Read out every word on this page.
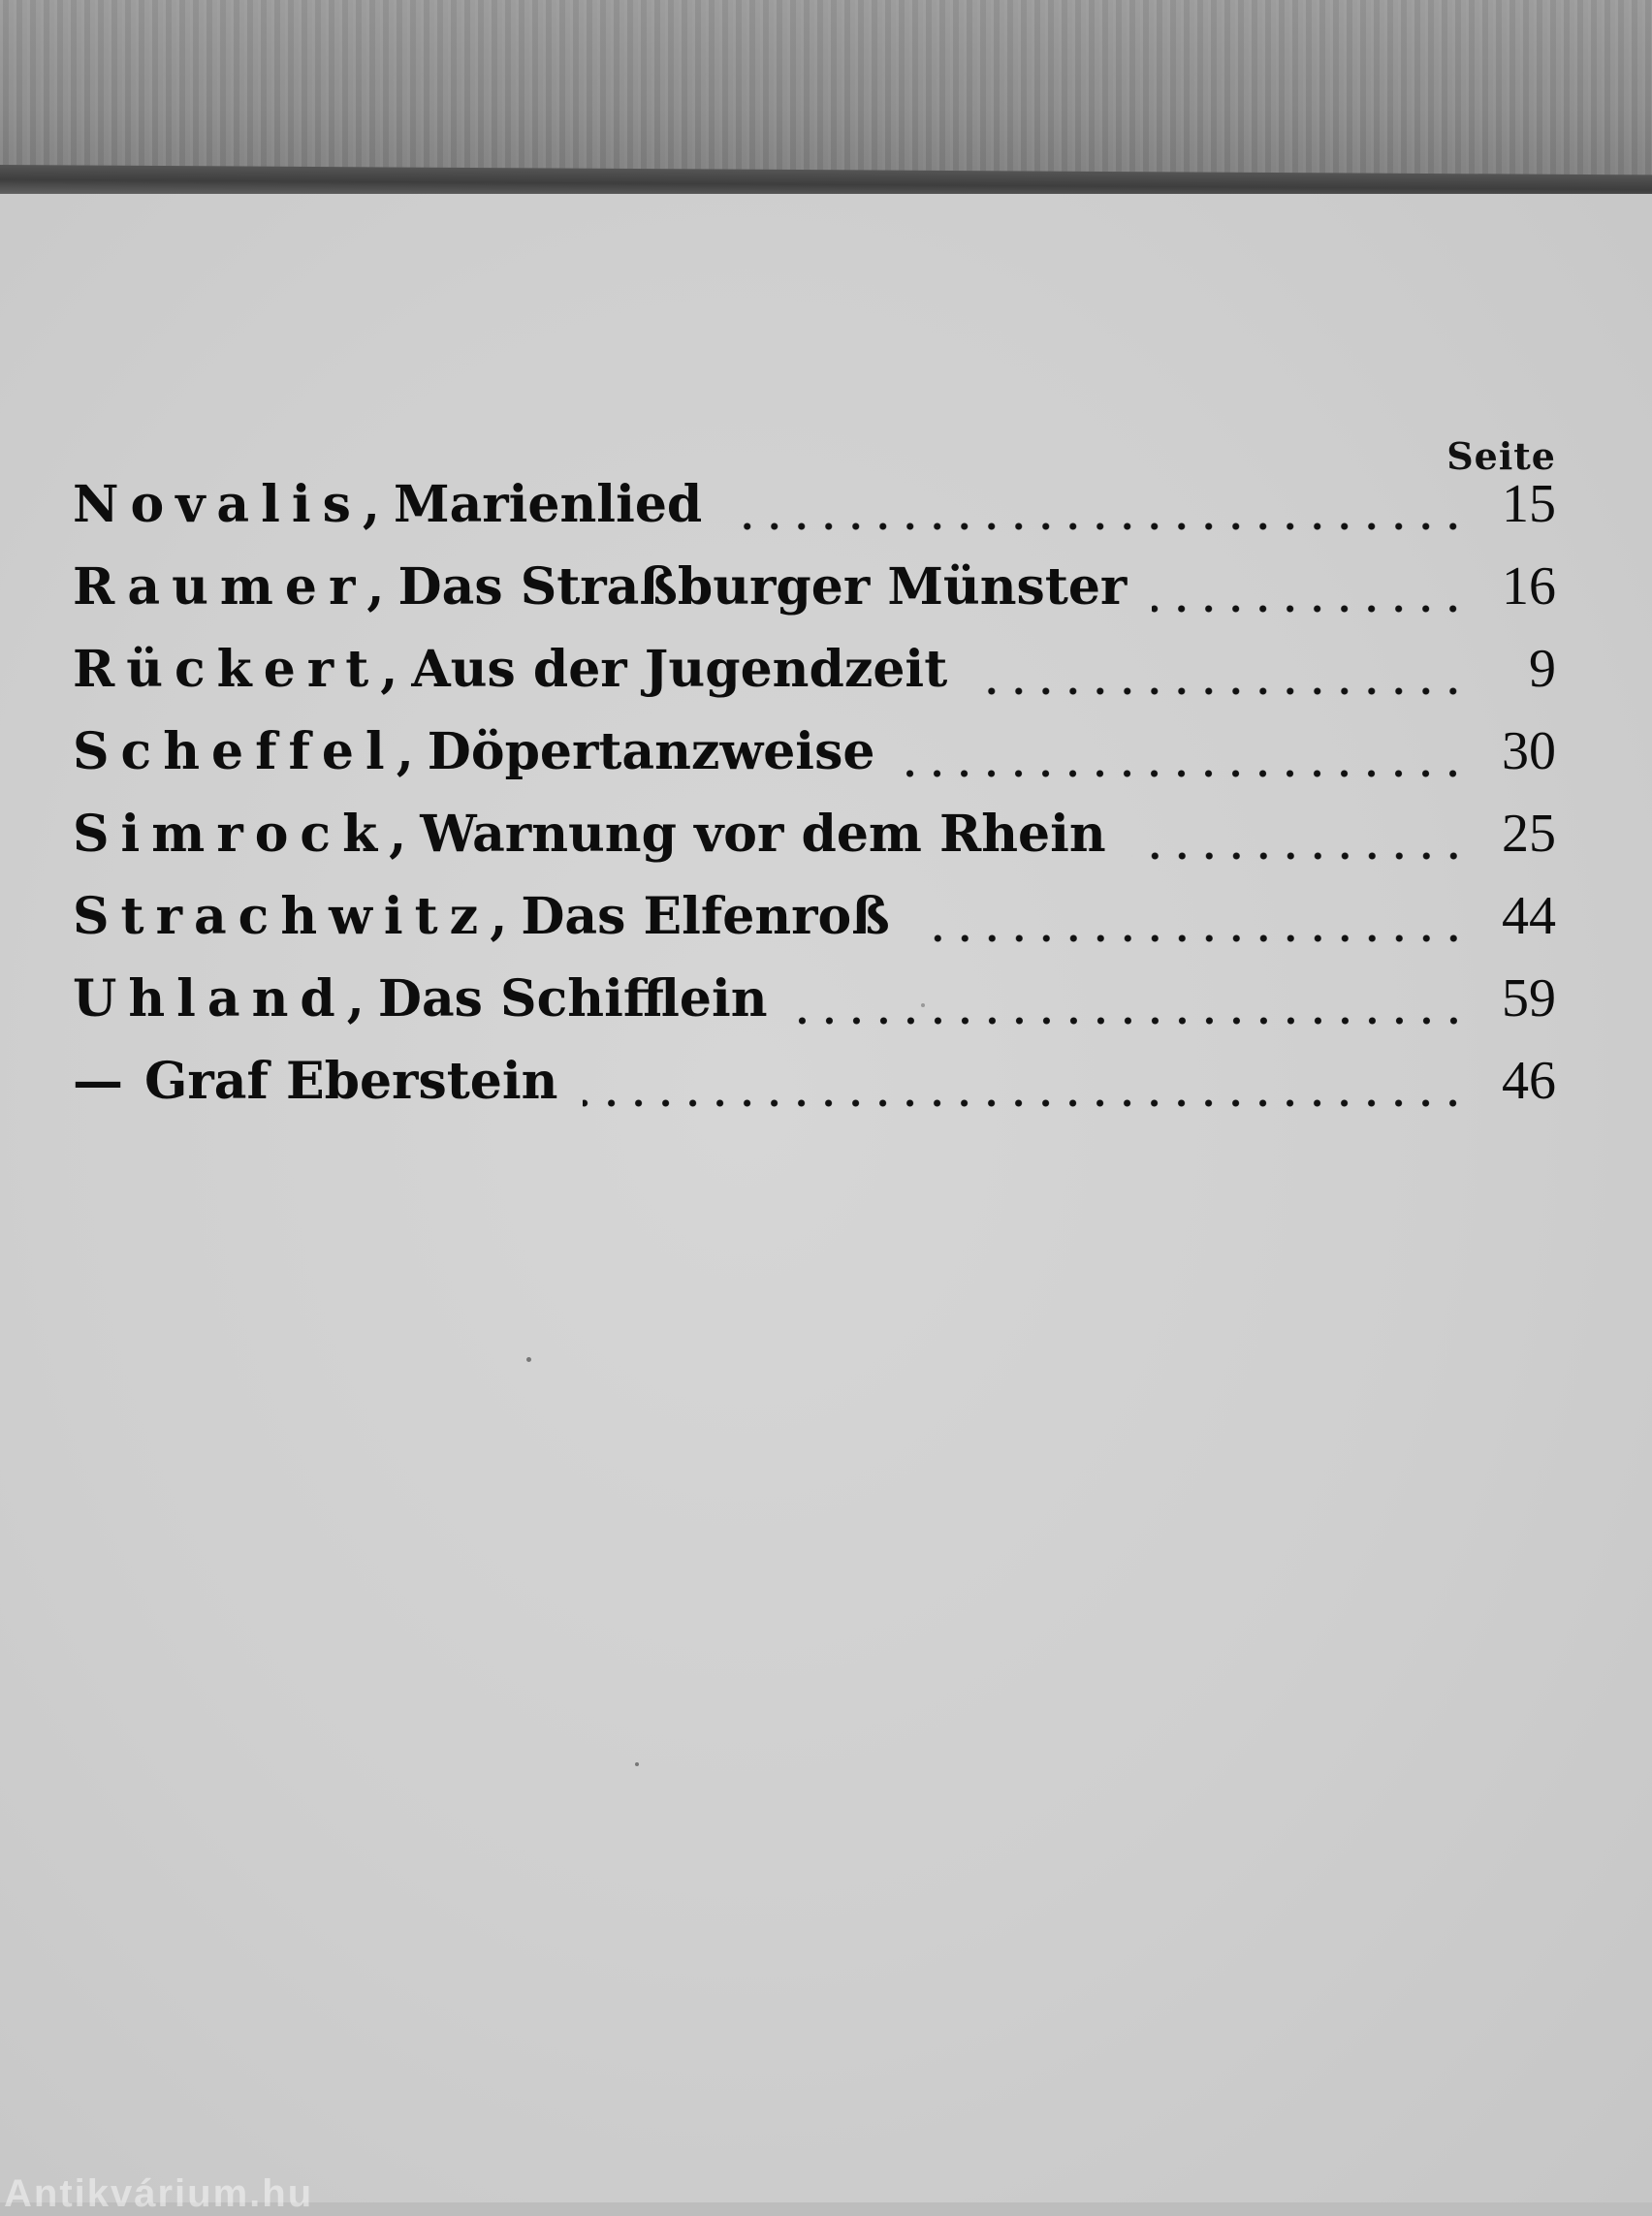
Seite
Novalis , Marienlied	15
Raumer , Das Straßburger Münster	16
Rückert , Aus der Jugendzeit	9
Scheffel , Döpertanzweise	30
Simrock , Warnung vor dem Rhein	25
Strachwitz , Das Elfenroß	44
Uhland , Das Schifflein	59
— Graf Eberstein	46
Antikvárium.hu
